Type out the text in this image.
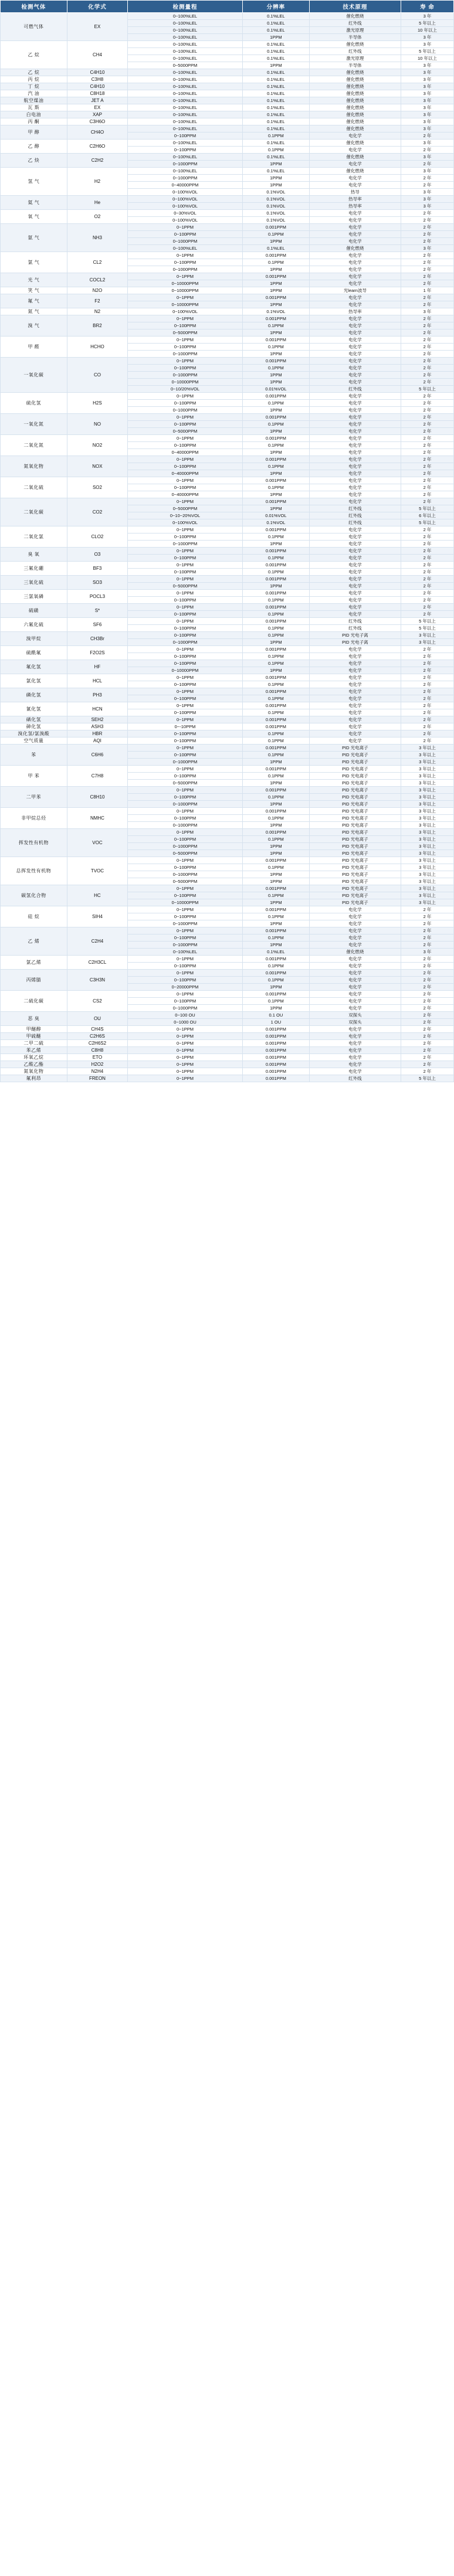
检测气体	化学式	检测量程	分辨率	技术原理	寿 命
可燃气体	EX	0~100%LEL	0.1%LEL	催化燃烧	3 年
		0~100%LEL	0.1%LEL	红外线	5 年以上
		0~100%LEL	0.1%LEL	激光原理	10 年以上
		0~100%LEL	1PPM	半导体	3 年
乙 烷	CH4	0~100%LEL	0.1%LEL	催化燃烧	3 年
		0~100%LEL	0.1%LEL	红外线	5 年以上
		0~100%LEL	0.1%LEL	激光原理	10 年以上
		0~5000PPM	1PPM	半导体	3 年
乙 烷	C4H10	0~100%LEL	0.1%LEL	催化燃烧	3 年
丙 烷	C3H8	0~100%LEL	0.1%LEL	催化燃烧	3 年
丁 烷	C4H10	0~100%LEL	0.1%LEL	催化燃烧	3 年
汽 油	C8H18	0~100%LEL	0.1%LEL	催化燃烧	3 年
航空煤油	JET A	0~100%LEL	0.1%LEL	催化燃烧	3 年
瓦 斯	EX	0~100%LEL	0.1%LEL	催化燃烧	3 年
白电油	XAP	0~100%LEL	0.1%LEL	催化燃烧	3 年
丙 酮	C3H6O	0~100%LEL	0.1%LEL	催化燃烧	3 年
甲 醇	CH4O	0~100%LEL	0.1%LEL	催化燃烧	3 年
		0~100PPM	0.1PPM	电化学	2 年
乙 醇	C2H6O	0~100%LEL	0.1%LEL	催化燃烧	3 年
		0~100PPM	0.1PPM	电化学	2 年
乙 炔	C2H2	0~100%LEL	0.1%LEL	催化燃烧	3 年
		0~1000PPM	1PPM	电化学	2 年
氢 气	H2	0~100%LEL	0.1%LEL	催化燃烧	3 年
		0~1000PPM	1PPM	电化学	2 年
		0~40000PPM	1PPM	电化学	2 年
		0~100%VOL	0.1%VOL	热导	3 年
氦 气	He	0~100%VOL	0.1%VOL	热导率	3 年
		0~100%VOL	0.1%VOL	热导率	3 年
氧 气	O2	0~30%VOL	0.1%VOL	电化学	2 年
		0~100%VOL	0.1%VOL	电化学	2 年
氨 气	NH3	0~1PPM	0.001PPM	电化学	2 年
		0~100PPM	0.1PPM	电化学	2 年
		0~1000PPM	1PPM	电化学	2 年
		0~100%LEL	0.1%LEL	催化燃烧	3 年
氯 气	CL2	0~1PPM	0.001PPM	电化学	2 年
		0~100PPM	0.1PPM	电化学	2 年
		0~1000PPM	1PPM	电化学	2 年
光 气	COCL2	0~1PPM	0.001PPM	电化学	2 年
		0~10000PPM	1PPM	电化学	2 年
笑 气	N2O	0~10000PPM	1PPM	光learn波导	1 年
氟 气	F2	0~1PPM	0.001PPM	电化学	2 年
		0~10000PPM	1PPM	电化学	2 年
氮 气	N2	0~100%VOL	0.1%VOL	热导率	3 年
溴 气	BR2	0~1PPM	0.001PPM	电化学	2 年
		0~100PPM	0.1PPM	电化学	2 年
		0~5000PPM	1PPM	电化学	2 年
甲 醛	HCHO	0~1PPM	0.001PPM	电化学	2 年
		0~100PPM	0.1PPM	电化学	2 年
		0~1000PPM	1PPM	电化学	2 年
一氧化碳	CO	0~1PPM	0.001PPM	电化学	2 年
		0~100PPM	0.1PPM	电化学	2 年
		0~1000PPM	1PPM	电化学	2 年
		0~10000PPM	1PPM	电化学	2 年
		0~10/20%VOL	0.01%VOL	红外线	5 年以上
硫化氢	H2S	0~1PPM	0.001PPM	电化学	2 年
		0~100PPM	0.1PPM	电化学	2 年
		0~1000PPM	1PPM	电化学	2 年
一氧化氮	NO	0~1PPM	0.001PPM	电化学	2 年
		0~100PPM	0.1PPM	电化学	2 年
		0~5000PPM	1PPM	电化学	2 年
二氧化氮	NO2	0~1PPM	0.001PPM	电化学	2 年
		0~100PPM	0.1PPM	电化学	2 年
		0~40000PPM	1PPM	电化学	2 年
氮氧化物	NOX	0~1PPM	0.001PPM	电化学	2 年
		0~100PPM	0.1PPM	电化学	2 年
		0~40000PPM	1PPM	电化学	2 年
二氧化硫	SO2	0~1PPM	0.001PPM	电化学	2 年
		0~100PPM	0.1PPM	电化学	2 年
		0~40000PPM	1PPM	电化学	2 年
二氧化碳	CO2	0~1PPM	0.001PPM	电化学	2 年
		0~5000PPM	1PPM	红外线	5 年以上
		0~10~20%VOL	0.01%VOL	红外线	6 年以上
		0~100%VOL	0.1%VOL	红外线	5 年以上
二氧化氯	CLO2	0~1PPM	0.001PPM	电化学	2 年
		0~100PPM	0.1PPM	电化学	2 年
		0~1000PPM	1PPM	电化学	2 年
臭 氧	O3	0~1PPM	0.001PPM	电化学	2 年
		0~100PPM	0.1PPM	电化学	2 年
三氟化硼	BF3	0~1PPM	0.001PPM	电化学	2 年
		0~100PPM	0.1PPM	电化学	2 年
三氧化硫	SO3	0~1PPM	0.001PPM	电化学	2 年
		0~5000PPM	1PPM	电化学	2 年
三氯氧磷	POCL3	0~1PPM	0.001PPM	电化学	2 年
		0~100PPM	0.1PPM	电化学	2 年
硫磺	S*	0~1PPM	0.001PPM	电化学	2 年
		0~100PPM	0.1PPM	电化学	2 年
六氟化硫	SF6	0~1PPM	0.001PPM	红外线	5 年以上
		0~100PPM	0.1PPM	红外线	5 年以上
溴甲烷	CH3Br	0~100PPM	0.1PPM	PID 光电子离	3 年以上
		0~1000PPM	1PPM	PID 光电子离	3 年以上
硫酰氟	F2O2S	0~1PPM	0.001PPM	电化学	2 年
		0~100PPM	0.1PPM	电化学	2 年
氟化氢	HF	0~100PPM	0.1PPM	电化学	2 年
		0~10000PPM	1PPM	电化学	2 年
氯化氢	HCL	0~1PPM	0.001PPM	电化学	2 年
		0~100PPM	0.1PPM	电化学	2 年
磷化氢	PH3	0~1PPM	0.001PPM	电化学	2 年
		0~100PPM	0.1PPM	电化学	2 年
氰化氢	HCN	0~1PPM	0.001PPM	电化学	2 年
		0~100PPM	0.1PPM	电化学	2 年
硒化氢	SEH2	0~1PPM	0.001PPM	电化学	2 年
砷化氢	ASH3	0~-10PPM	0.001PPM	电化学	2 年
溴化氢/氯溴酸	HBR	0~100PPM	0.1PPM	电化学	2 年
空气质量	AQI	0~100PPM	0.1PPM	电化学	2 年
苯	C6H6	0~1PPM	0.001PPM	PID 光电离子	3 年以上
		0~100PPM	0.1PPM	PID 光电离子	3 年以上
		0~1000PPM	1PPM	PID 光电离子	3 年以上
甲 苯	C7H8	0~1PPM	0.001PPM	PID 光电离子	3 年以上
		0~100PPM	0.1PPM	PID 光电离子	3 年以上
		0~5000PPM	1PPM	PID 光电离子	3 年以上
二甲苯	C8H10	0~1PPM	0.001PPM	PID 光电离子	3 年以上
		0~100PPM	0.1PPM	PID 光电离子	3 年以上
		0~1000PPM	1PPM	PID 光电离子	3 年以上
非甲烷总烃	NMHC	0~1PPM	0.001PPM	PID 光电离子	3 年以上
		0~100PPM	0.1PPM	PID 光电离子	3 年以上
		0~1000PPM	1PPM	PID 光电离子	3 年以上
挥发性有机物	VOC	0~1PPM	0.001PPM	PID 光电离子	3 年以上
		0~100PPM	0.1PPM	PID 光电离子	3 年以上
		0~1000PPM	1PPM	PID 光电离子	3 年以上
		0~5000PPM	1PPM	PID 光电离子	3 年以上
总挥发性有机物	TVOC	0~1PPM	0.001PPM	PID 光电离子	3 年以上
		0~100PPM	0.1PPM	PID 光电离子	3 年以上
		0~1000PPM	1PPM	PID 光电离子	3 年以上
		0~5000PPM	1PPM	PID 光电离子	3 年以上
碳氢化合物	HC	0~1PPM	0.001PPM	PID 光电离子	3 年以上
		0~100PPM	0.1PPM	PID 光电离子	3 年以上
		0~10000PPM	1PPM	PID 光电离子	3 年以上
硅 烷	SIH4	0~1PPM	0.001PPM	电化学	2 年
		0~100PPM	0.1PPM	电化学	2 年
		0~1000PPM	1PPM	电化学	2 年
乙 烯	C2H4	0~1PPM	0.001PPM	电化学	2 年
		0~100PPM	0.1PPM	电化学	2 年
		0~1000PPM	1PPM	电化学	2 年
		0~100%LEL	0.1%LEL	催化燃烧	3 年
氯乙烯	C2H3CL	0~1PPM	0.001PPM	电化学	2 年
		0~100PPM	0.1PPM	电化学	2 年
丙烯腈	C3H3N	0~1PPM	0.001PPM	电化学	2 年
		0~100PPM	0.1PPM	电化学	2 年
		0~20000PPM	1PPM	电化学	2 年
二硫化碳	CS2	0~1PPM	0.001PPM	电化学	2 年
		0~100PPM	0.1PPM	电化学	2 年
		0~1000PPM	1PPM	电化学	2 年
恶 臭	OU	0~100 OU	0.1 OU	双探头	2 年
		0~1000 OU	1 OU	双探头	2 年
甲醚醇	CH4S	0~1PPM	0.001PPM	电化学	2 年
甲硫醚	C2H6S	0~1PPM	0.001PPM	电化学	2 年
二甲二硫	C2H6S2	0~1PPM	0.001PPM	电化学	2 年
苯乙烯	C8H8	0~1PPM	0.001PPM	电化学	2 年
环氧乙烷	ETO	0~1PPM	0.001PPM	电化学	2 年
乙酸乙酯	H2O2	0~1PPM	0.001PPM	电化学	2 年
氮氧化物	N2H4	0~1PPM	0.001PPM	电化学	2 年
氟利昂	FREON	0~1PPM	0.001PPM	红外线	5 年以上
